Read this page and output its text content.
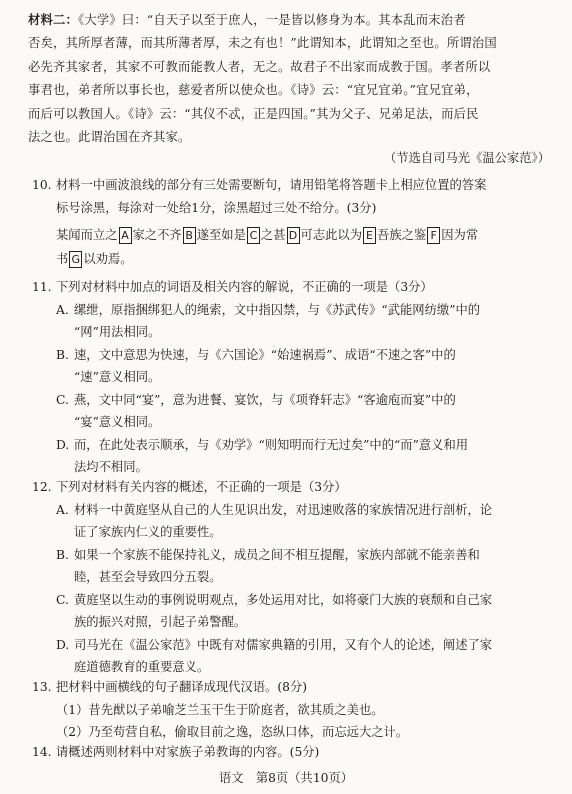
材料二：《大学》曰：“自天子以至于庶人，一是皆以修身为本。其本乱而末治者
否矣，其所厚者薄，而其所薄者厚，未之有也！”此谓知本，此谓知之至也。所谓治国
必先齐其家者，其家不可教而能教人者，无之。故君子不出家而成教于国。孝者所以
事君也，弟者所以事长也，慈爱者所以使众也。《诗》云：“宜兄宜弟。”宜兄宜弟，
而后可以教国人。《诗》云：“其仪不忒，正是四国。”其为父子、兄弟足法，而后民
法之也。此谓治国在齐其家。
（节选自司马光《温公家范》）
10. 材料一中画波浪线的部分有三处需要断句，请用铅笔将答题卡上相应位置的答案
标号涂黑，每涂对一处给1分，涂黑超过三处不给分。(3分)
某闻而立之 A 家之不齐 B 遂至如是 C 之甚 D 可志此以为 E 吾族之鉴 F 因为常
书 G 以劝焉。
11. 下列对材料中加点的词语及相关内容的解说，不正确的一项是（3分）
A. 缧绁，原指捆绑犯人的绳索，文中指囚禁，与《苏武传》“武能网纺缴”中的
“网”用法相同。
B. 速，文中意思为快速，与《六国论》“始速祸焉”、成语“不速之客”中的
“速”意义相同。
C. 燕，文中同“宴”，意为进餐、宴饮，与《项脊轩志》“客逾庖而宴”中的
“宴”意义相同。
D. 而，在此处表示顺承，与《劝学》“则知明而行无过矣”中的“而”意义和用
法均不相同。
12. 下列对材料有关内容的概述，不正确的一项是（3分）
A. 材料一中黄庭坚从自己的人生见识出发，对迅速败落的家族情况进行剖析，论
证了家族内仁义的重要性。
B. 如果一个家族不能保持礼义，成员之间不相互提醒，家族内部就不能亲善和
睦，甚至会导致四分五裂。
C. 黄庭坚以生动的事例说明观点，多处运用对比，如将豪门大族的衰颓和自己家
族的振兴对照，引起子弟警醒。
D. 司马光在《温公家范》中既有对儒家典籍的引用，又有个人的论述，阐述了家
庭道德教育的重要意义。
13. 把材料中画横线的句子翻译成现代汉语。(8分)
（1）昔先猷以子弟喻芝兰玉干生于阶庭者，欲其质之美也。
（2）乃至苟营自私，偷取目前之逸，恣纵口体，而忘远大之计。
14. 请概述两则材料中对家族子弟教诲的内容。(5分)
语文　第8页（共10页）
